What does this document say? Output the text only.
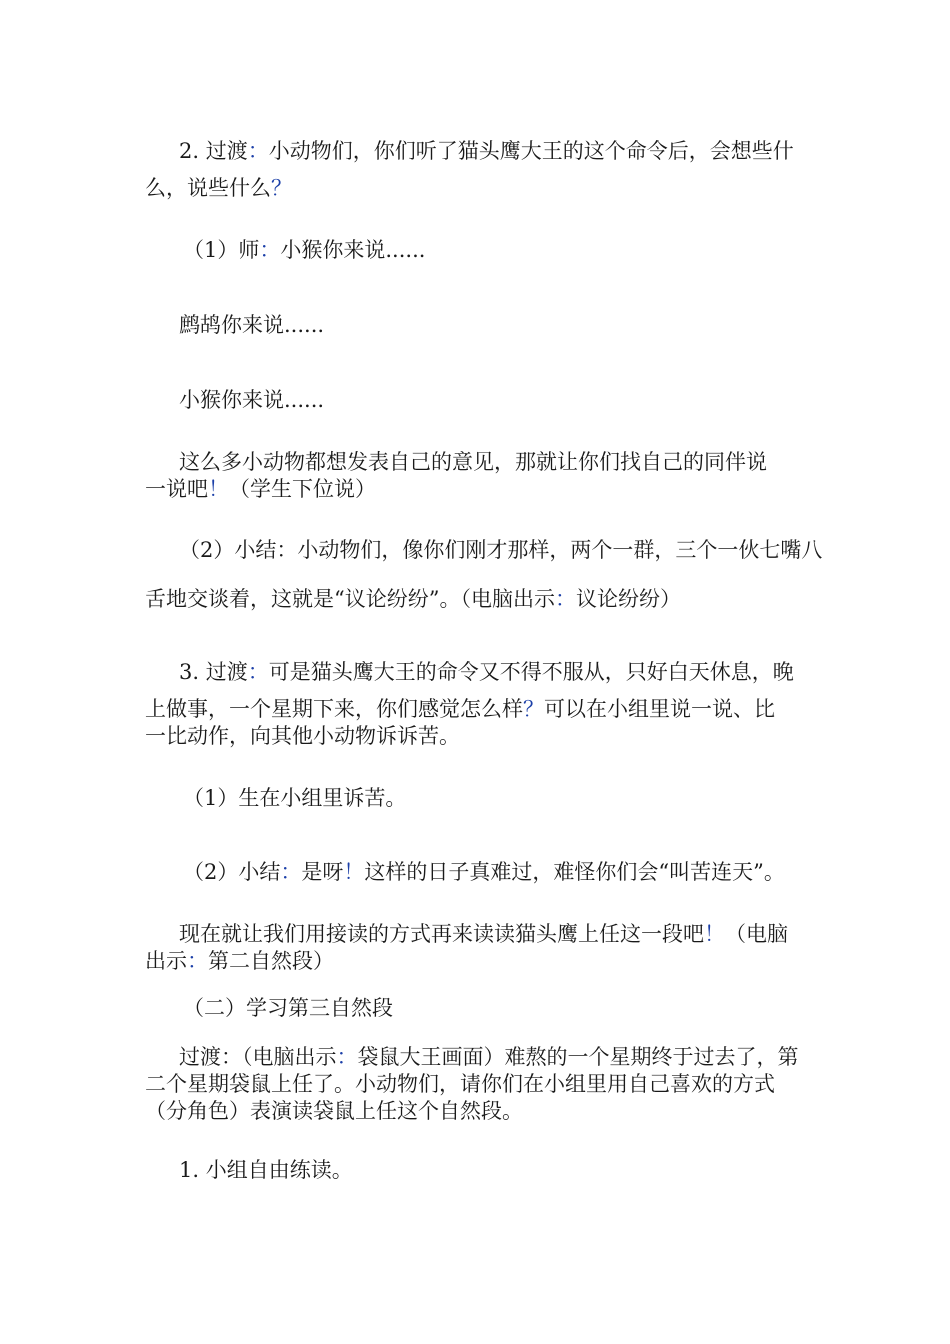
2. 过渡：小动物们，你们听了猫头鹰大王的这个命令后，会想些什
么，说些什么？

（1）师：小猴你来说......

鹧鸪你来说......

小猴你来说......

这么多小动物都想发表自己的意见，那就让你们找自己的同伴说
一说吧！（学生下位说）

（2）小结：小动物们，像你们刚才那样，两个一群，三个一伙七嘴八

舌地交谈着，这就是“议论纷纷”。（电脑出示：议论纷纷）

3. 过渡：可是猫头鹰大王的命令又不得不服从，只好白天休息，晚
上做事，一个星期下来，你们感觉怎么样？可以在小组里说一说、比
一比动作，向其他小动物诉诉苦。

（1）生在小组里诉苦。

（2）小结：是呀！这样的日子真难过，难怪你们会“叫苦连天”。

现在就让我们用接读的方式再来读读猫头鹰上任这一段吧！（电脑
出示：第二自然段）

（二）学习第三自然段

过渡：（电脑出示：袋鼠大王画面）难熬的一个星期终于过去了，第
二个星期袋鼠上任了。小动物们，请你们在小组里用自己喜欢的方式
（分角色）表演读袋鼠上任这个自然段。

1. 小组自由练读。
